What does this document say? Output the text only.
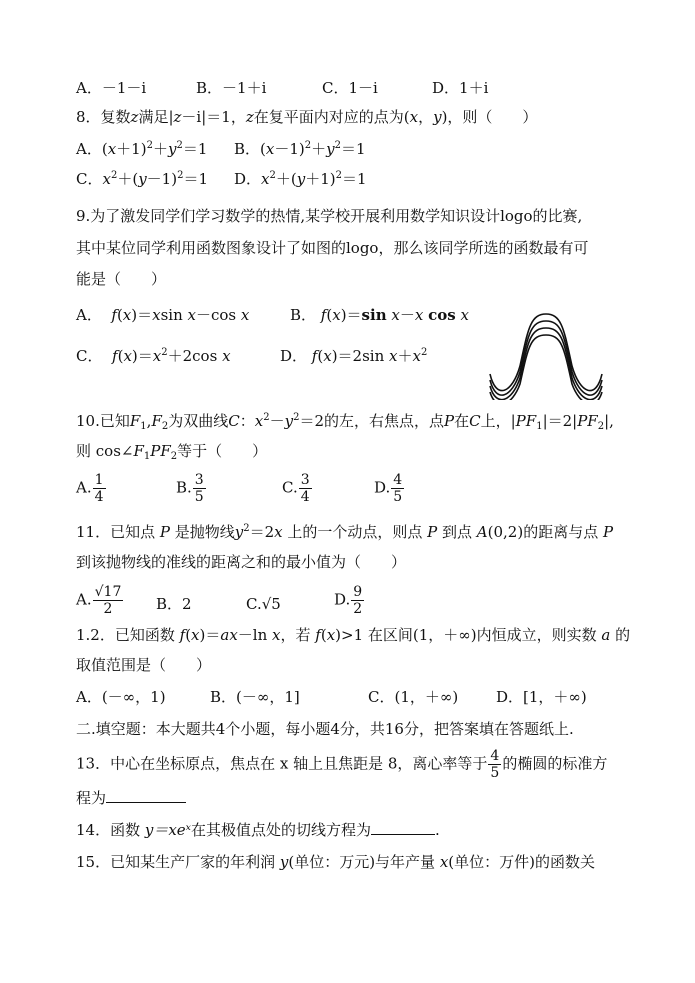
A．－1－i	B．－1＋i	C．1－i	D．1＋i
8．复数z满足|z－i|＝1，z在复平面内对应的点为(x，y)，则（　　）
A．$(x+1)^2+y^2=1$ B．$(x-1)^2+y^2=1$
C．$x^2+(y-1)^2=1$ D．$x^2+(y+1)^2=1$
9.为了激发同学们学习数学的热情,某学校开展利用数学知识设计logo的比赛,
其中某位同学利用函数图象设计了如图的logo，那么该同学所选的函数最有可
能是（　　）
A．  f(x)＝xsin x－cos x	B． f(x)＝sin x－x cos x
C．  $f(x)=x^2+2\cos$ x	D． f(x)＝2sin $x+x^2$
10.已知$F_1,F_2$为双曲线C：$x^2-y^2=2$的左，右焦点，点P在C上，$|PF_1|=2|PF_2|$,
则 $\cos\angle F_1PF_2$等于（　　）
A. $\frac{1}{4}$	B. $\frac{3}{5}$	C. $\frac{3}{4}$	D. $\frac{4}{5}$
11．已知点 P 是抛物线$y^2=2x$ 上的一个动点，则点 P 到点 A(0,2)的距离与点 P
到该抛物线的准线的距离之和的最小值为（　　）
A. $\frac{√17}{2}$ B．2	C.√5	D. $\frac{9}{2}$
1.2．已知函数 f(x)＝ax－ln x，若 f(x)>1 在区间(1，＋∞)内恒成立，则实数 a 的
取值范围是（　　）
A．(－∞，1)	B．(－∞，1]	C．(1，＋∞)	D．[1，＋∞)
二.填空题：本大题共4个小题，每小题4分，共16分，把答案填在答题纸上.
13．中心在坐标原点，焦点在 x 轴上且焦距是 8，离心率等于 $\frac{4}{5}$ 的椭圆的标准方
程为
14．函数 y＝xeˣ在其极值点处的切线方程为	.
15．已知某生产厂家的年利润 y(单位：万元)与年产量 x(单位：万件)的函数关
